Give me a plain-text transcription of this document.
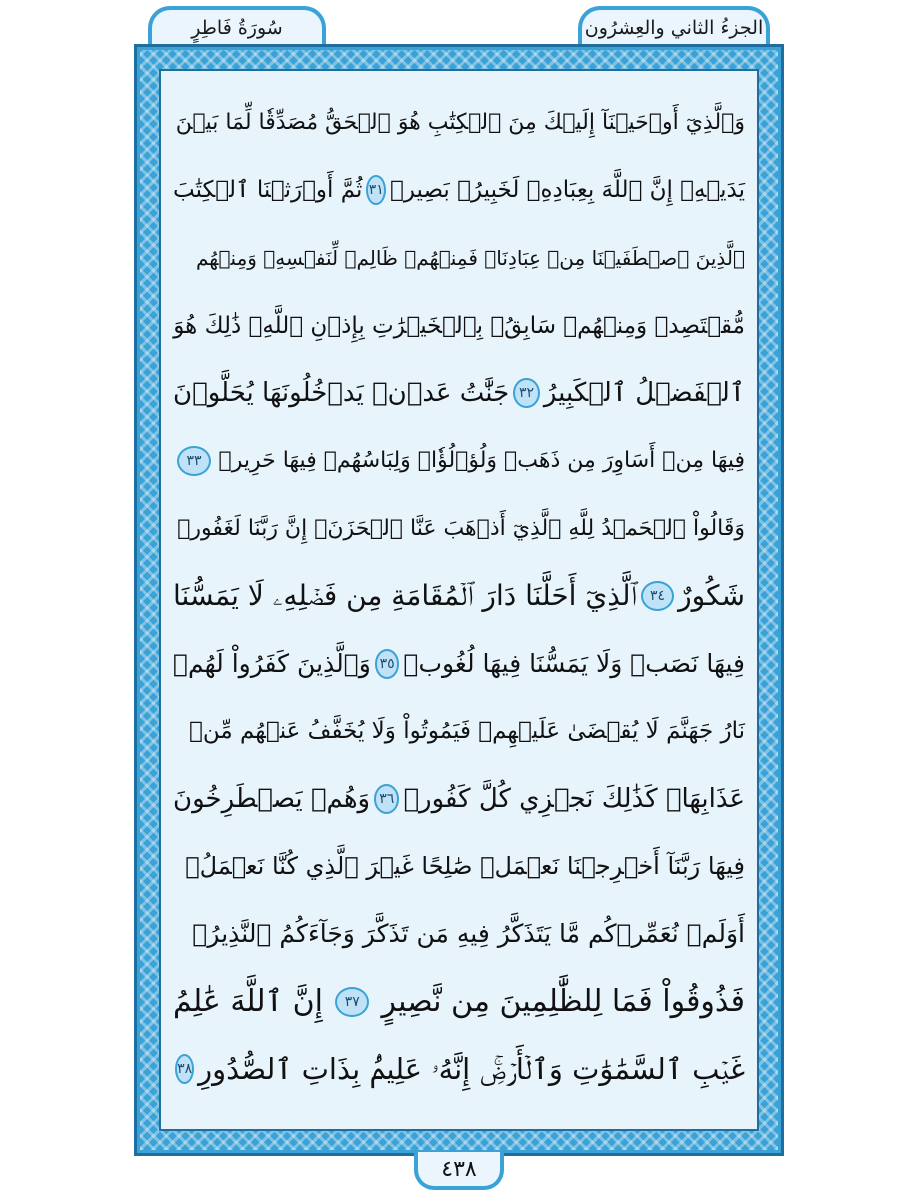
الجزءُ الثاني والعِشرُون
سُورَةُ فَاطِرٍ
وَٱلَّذِيٓ أَوۡحَيۡنَآ إِلَيۡكَ مِنَ ٱلۡكِتَٰبِ هُوَ ٱلۡحَقُّ مُصَدِّقٗا لِّمَا بَيۡنَ
يَدَيۡهِۗ إِنَّ ٱللَّهَ بِعِبَادِهِۦ لَخَبِيرُۢ بَصِيرٞ
٣١
ثُمَّ أَوۡرَثۡنَا ٱلۡكِتَٰبَ
ٱلَّذِينَ ٱصۡطَفَيۡنَا مِنۡ عِبَادِنَاۖ فَمِنۡهُمۡ ظَالِمٞ لِّنَفۡسِهِۦ وَمِنۡهُم
مُّقۡتَصِدٞ وَمِنۡهُمۡ سَابِقُۢ بِٱلۡخَيۡرَٰتِ بِإِذۡنِ ٱللَّهِۚ ذَٰلِكَ هُوَ
ٱلۡفَضۡلُ ٱلۡكَبِيرُ
٣٢
جَنَّٰتُ عَدۡنٖ يَدۡخُلُونَهَا يُحَلَّوۡنَ
فِيهَا مِنۡ أَسَاوِرَ مِن ذَهَبٖ وَلُؤۡلُؤٗاۖ وَلِبَاسُهُمۡ فِيهَا حَرِيرٞ
٣٣
وَقَالُواْ ٱلۡحَمۡدُ لِلَّهِ ٱلَّذِيٓ أَذۡهَبَ عَنَّا ٱلۡحَزَنَۖ إِنَّ رَبَّنَا لَغَفُورٞ
شَكُورٌ
٣٤
ٱلَّذِيٓ أَحَلَّنَا دَارَ ٱلۡمُقَامَةِ مِن فَضۡلِهِۦ لَا يَمَسُّنَا
فِيهَا نَصَبٞ وَلَا يَمَسُّنَا فِيهَا لُغُوبٞ
٣٥
وَٱلَّذِينَ كَفَرُواْ لَهُمۡ
نَارُ جَهَنَّمَ لَا يُقۡضَىٰ عَلَيۡهِمۡ فَيَمُوتُواْ وَلَا يُخَفَّفُ عَنۡهُم مِّنۡ
عَذَابِهَاۚ كَذَٰلِكَ نَجۡزِي كُلَّ كَفُورٖ
٣٦
وَهُمۡ يَصۡطَرِخُونَ
فِيهَا رَبَّنَآ أَخۡرِجۡنَا نَعۡمَلۡ صَٰلِحًا غَيۡرَ ٱلَّذِي كُنَّا نَعۡمَلُۚ
أَوَلَمۡ نُعَمِّرۡكُم مَّا يَتَذَكَّرُ فِيهِ مَن تَذَكَّرَ وَجَآءَكُمُ ٱلنَّذِيرُۖ
فَذُوقُواْ فَمَا لِلظَّٰلِمِينَ مِن نَّصِيرٍ
٣٧
إِنَّ ٱللَّهَ عَٰلِمُ
غَيۡبِ ٱلسَّمَٰوَٰتِ وَٱلۡأَرۡضِۚ إِنَّهُۥ عَلِيمُۢ بِذَاتِ ٱلصُّدُورِ
٣٨
٤٣٨
